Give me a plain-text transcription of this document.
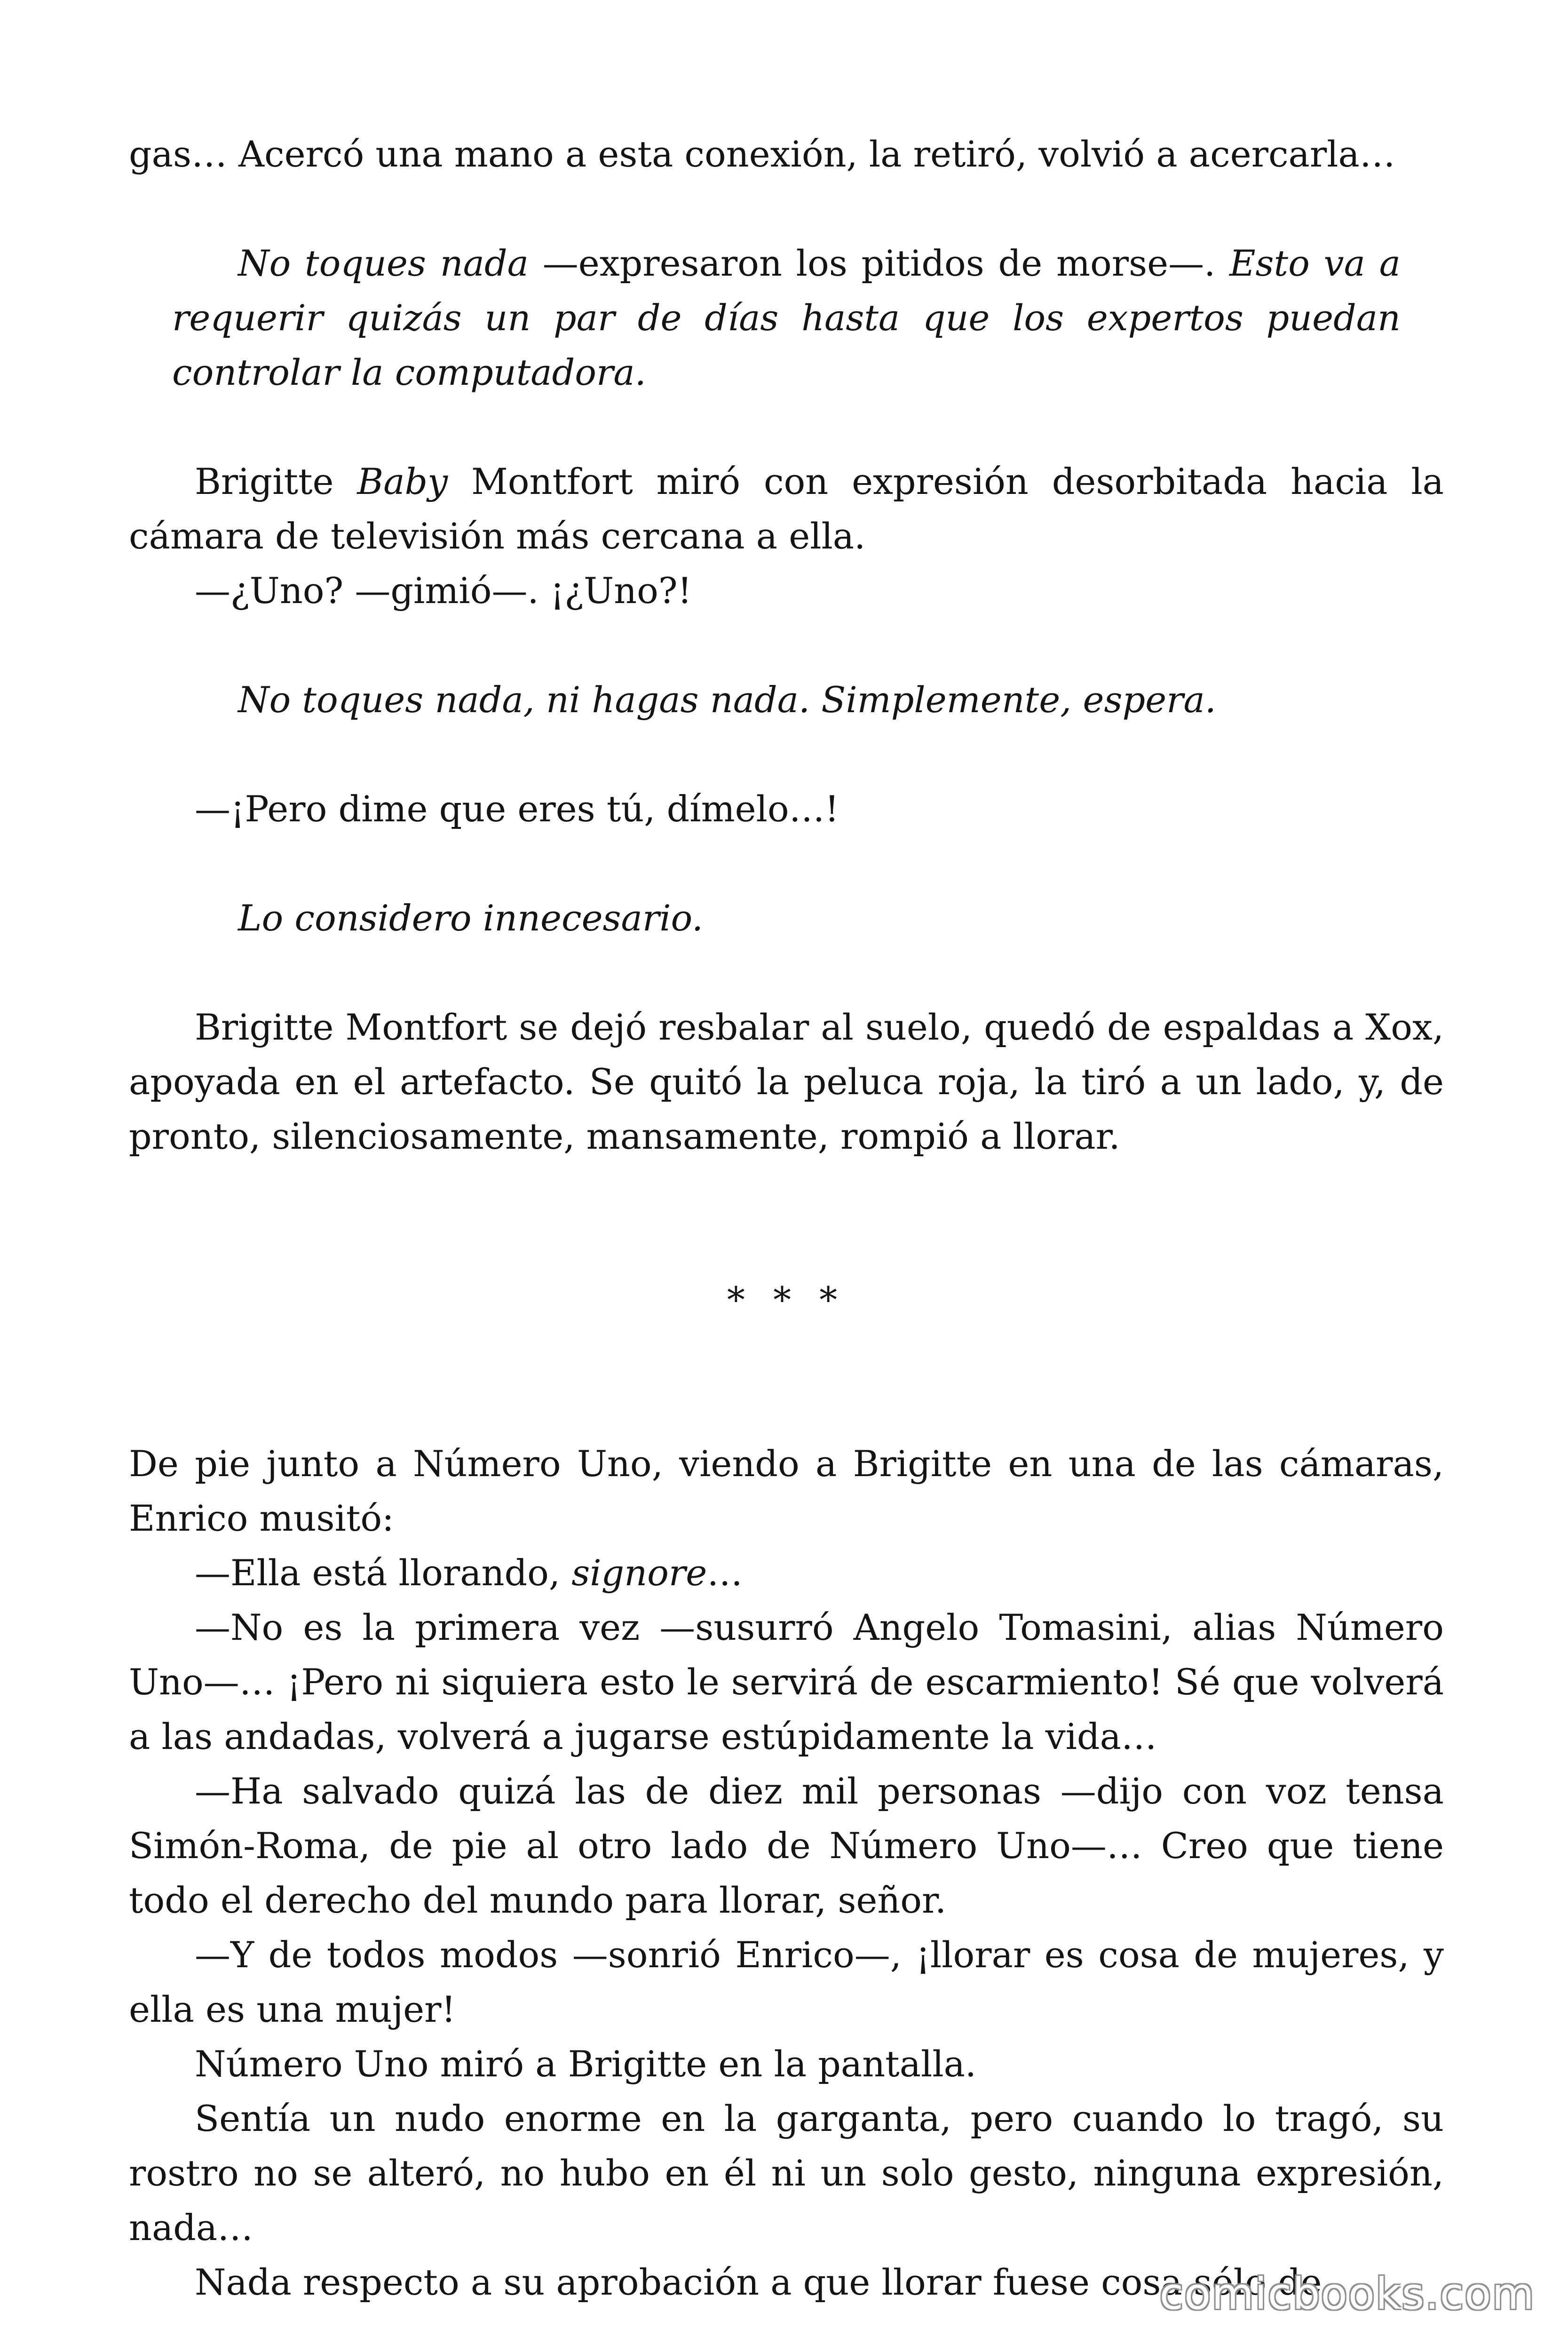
gas… Acercó una mano a esta conexión, la retiró, volvió a acercarla…

No toques nada —expresaron los pitidos de morse—. Esto va a requerir quizás un par de días hasta que los expertos puedan controlar la computadora.

Brigitte Baby Montfort miró con expresión desorbitada hacia la cámara de televisión más cercana a ella.

—¿Uno? —gimió—. ¡¿Uno?!

No toques nada, ni hagas nada. Simplemente, espera.

—¡Pero dime que eres tú, dímelo…!

Lo considero innecesario.

Brigitte Montfort se dejó resbalar al suelo, quedó de espaldas a Xox, apoyada en el artefacto. Se quitó la peluca roja, la tiró a un lado, y, de pronto, silenciosamente, mansamente, rompió a llorar.

* * *

De pie junto a Número Uno, viendo a Brigitte en una de las cámaras, Enrico musitó:

—Ella está llorando, signore…

—No es la primera vez —susurró Angelo Tomasini, alias Número Uno—… ¡Pero ni siquiera esto le servirá de escarmiento! Sé que volverá a las andadas, volverá a jugarse estúpidamente la vida…

—Ha salvado quizá las de diez mil personas —dijo con voz tensa Simón-Roma, de pie al otro lado de Número Uno—… Creo que tiene todo el derecho del mundo para llorar, señor.

—Y de todos modos —sonrió Enrico—, ¡llorar es cosa de mujeres, y ella es una mujer!

Número Uno miró a Brigitte en la pantalla.

Sentía un nudo enorme en la garganta, pero cuando lo tragó, su rostro no se alteró, no hubo en él ni un solo gesto, ninguna expresión, nada…

Nada respecto a su aprobación a que llorar fuese cosa sólo de

comicbooks.com
